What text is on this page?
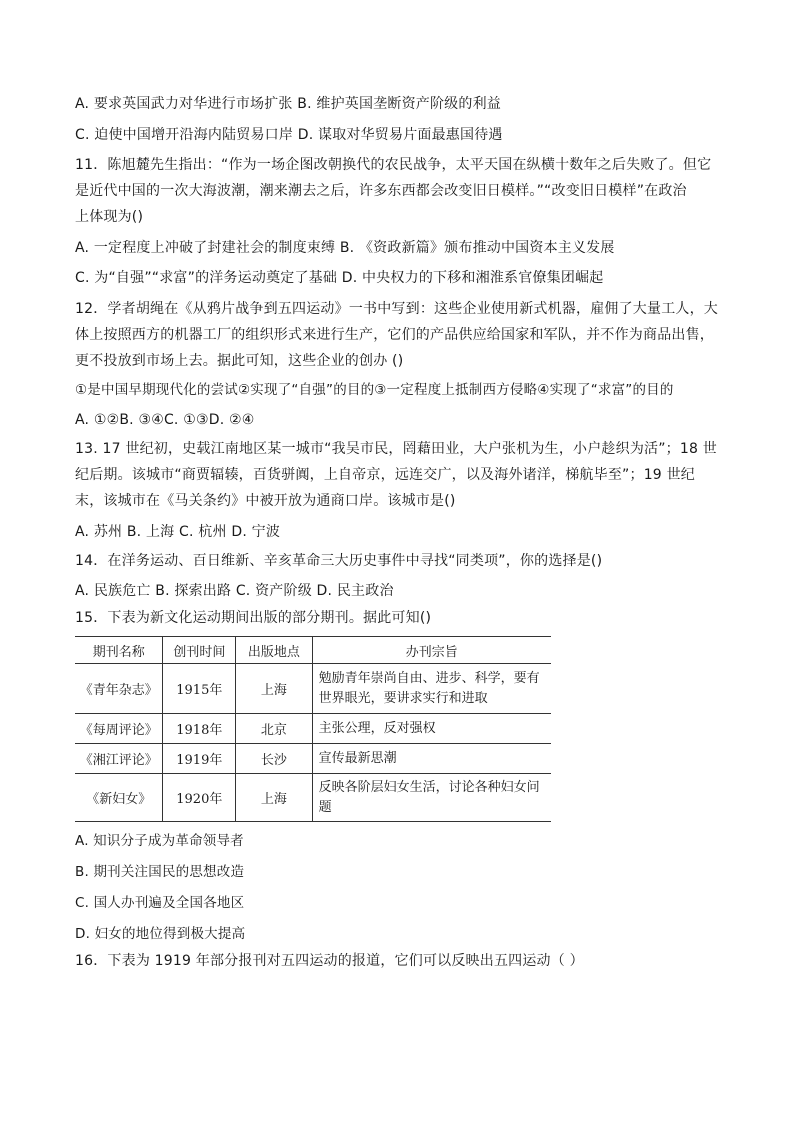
A. 要求英国武力对华进行市场扩张 B. 维护英国垄断资产阶级的利益
C. 迫使中国增开沿海内陆贸易口岸 D. 谋取对华贸易片面最惠国待遇
11．陈旭麓先生指出：“作为一场企图改朝换代的农民战争，太平天国在纵横十数年之后失败了。但它
是近代中国的一次大海波潮，潮来潮去之后，许多东西都会改变旧日模样。”“改变旧日模样”在政治
上体现为()
A. 一定程度上冲破了封建社会的制度束缚 B. 《资政新篇》颁布推动中国资本主义发展
C. 为“自强”“求富”的洋务运动奠定了基础 D. 中央权力的下移和湘淮系官僚集团崛起
12．学者胡绳在《从鸦片战争到五四运动》一书中写到：这些企业使用新式机器，雇佣了大量工人，大
体上按照西方的机器工厂的组织形式来进行生产，它们的产品供应给国家和军队，并不作为商品出售，
更不投放到市场上去。据此可知，这些企业的创办 ()
①是中国早期现代化的尝试②实现了“自强”的目的③一定程度上抵制西方侵略④实现了“求富”的目的
A. ①②B. ③④C. ①③D. ②④
13. 17 世纪初，史载江南地区某一城市“我吴市民，罔藉田业，大户张机为生，小户趁织为活”；18 世
纪后期。该城市“商贾辐辏，百货骈阗，上自帝京，远连交广，以及海外诸洋，梯航毕至”；19 世纪
末，该城市在《马关条约》中被开放为通商口岸。该城市是()
A. 苏州 B. 上海 C. 杭州 D. 宁波
14．在洋务运动、百日维新、辛亥革命三大历史事件中寻找“同类项”，你的选择是()
A. 民族危亡 B. 探索出路 C. 资产阶级 D. 民主政治
15．下表为新文化运动期间出版的部分期刊。据此可知()
期刊名称	创刊时间	出版地点	办刊宗旨
《青年杂志》	1915年	上海	勉励青年崇尚自由、进步、科学，要有世界眼光，要讲求实行和进取
《每周评论》	1918年	北京	主张公理，反对强权
《湘江评论》	1919年	长沙	宣传最新思潮
《新妇女》	1920年	上海	反映各阶层妇女生活，讨论各种妇女问题
A. 知识分子成为革命领导者
B. 期刊关注国民的思想改造
C. 国人办刊遍及全国各地区
D. 妇女的地位得到极大提高
16．下表为 1919 年部分报刊对五四运动的报道，它们可以反映出五四运动（ ）
